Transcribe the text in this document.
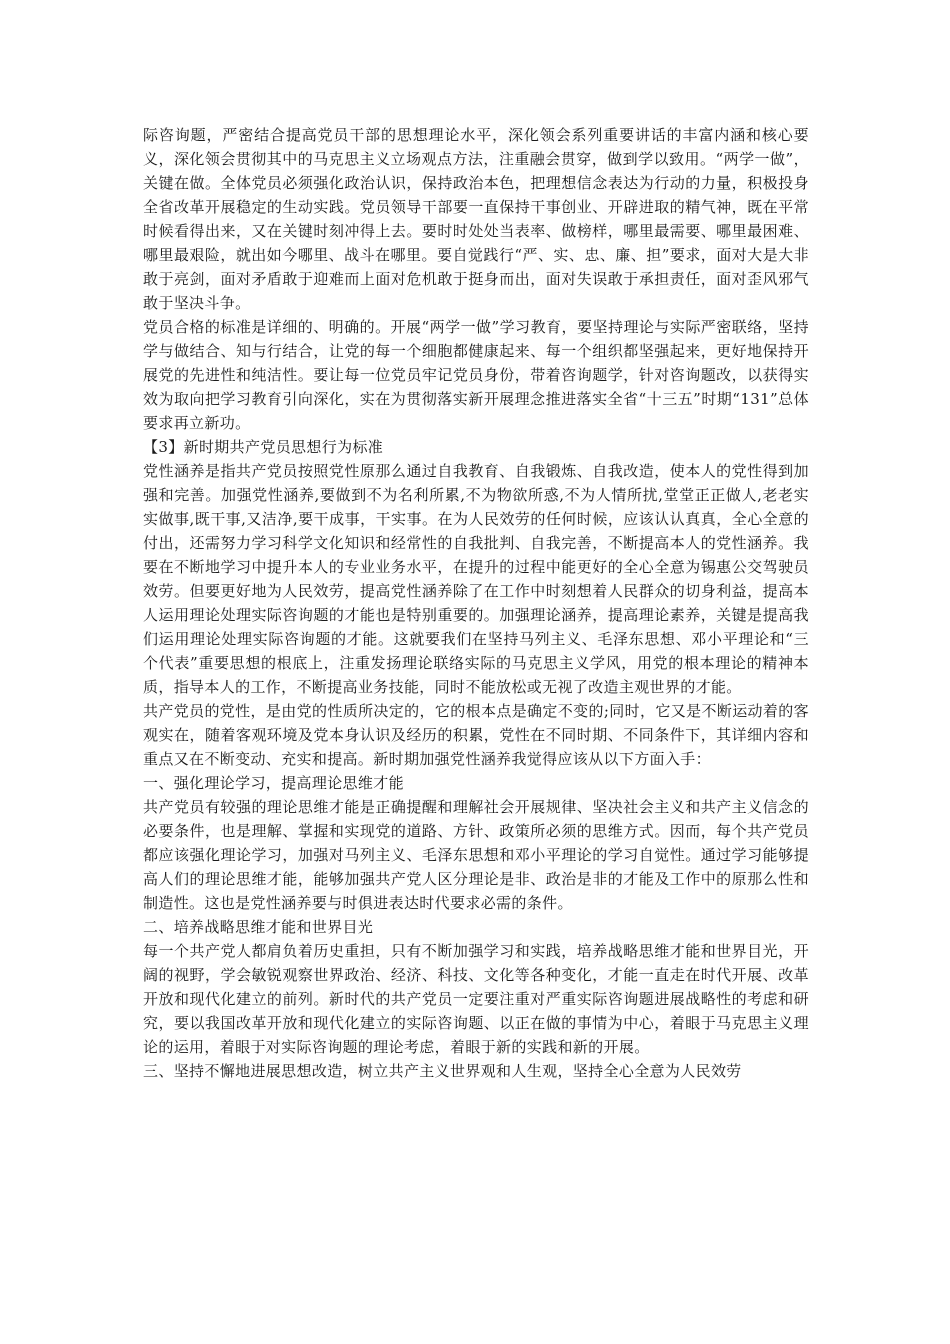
际咨询题，严密结合提高党员干部的思想理论水平，深化领会系列重要讲话的丰富内涵和核心要义，深化领会贯彻其中的马克思主义立场观点方法，注重融会贯穿，做到学以致用。“两学一做”，关键在做。全体党员必须强化政治认识，保持政治本色，把理想信念表达为行动的力量，积极投身全省改革开展稳定的生动实践。党员领导干部要一直保持干事创业、开辟进取的精气神，既在平常时候看得出来，又在关键时刻冲得上去。要时时处处当表率、做榜样，哪里最需要、哪里最困难、哪里最艰险，就出如今哪里、战斗在哪里。要自觉践行“严、实、忠、廉、担”要求，面对大是大非敢于亮剑，面对矛盾敢于迎难而上面对危机敢于挺身而出，面对失误敢于承担责任，面对歪风邪气敢于坚决斗争。

党员合格的标准是详细的、明确的。开展“两学一做”学习教育，要坚持理论与实际严密联络，坚持学与做结合、知与行结合，让党的每一个细胞都健康起来、每一个组织都坚强起来，更好地保持开展党的先进性和纯洁性。要让每一位党员牢记党员身份，带着咨询题学，针对咨询题改，以获得实效为取向把学习教育引向深化，实在为贯彻落实新开展理念推进落实全省“十三五”时期“131”总体要求再立新功。

【3】新时期共产党员思想行为标准

党性涵养是指共产党员按照党性原那么通过自我教育、自我锻炼、自我改造，使本人的党性得到加强和完善。加强党性涵养,要做到不为名利所累,不为物欲所惑,不为人情所扰,堂堂正正做人,老老实实做事,既干事,又洁净,要干成事，干实事。在为人民效劳的任何时候，应该认认真真，全心全意的付出，还需努力学习科学文化知识和经常性的自我批判、自我完善，不断提高本人的党性涵养。我要在不断地学习中提升本人的专业业务水平，在提升的过程中能更好的全心全意为锡惠公交驾驶员效劳。但要更好地为人民效劳，提高党性涵养除了在工作中时刻想着人民群众的切身利益，提高本人运用理论处理实际咨询题的才能也是特别重要的。加强理论涵养，提高理论素养，关键是提高我们运用理论处理实际咨询题的才能。这就要我们在坚持马列主义、毛泽东思想、邓小平理论和“三个代表”重要思想的根底上，注重发扬理论联络实际的马克思主义学风，用党的根本理论的精神本质，指导本人的工作，不断提高业务技能，同时不能放松或无视了改造主观世界的才能。

共产党员的党性，是由党的性质所决定的，它的根本点是确定不变的;同时，它又是不断运动着的客观实在，随着客观环境及党本身认识及经历的积累，党性在不同时期、不同条件下，其详细内容和重点又在不断变动、充实和提高。新时期加强党性涵养我觉得应该从以下方面入手：

一、强化理论学习，提高理论思维才能

共产党员有较强的理论思维才能是正确提醒和理解社会开展规律、坚决社会主义和共产主义信念的必要条件，也是理解、掌握和实现党的道路、方针、政策所必须的思维方式。因而，每个共产党员都应该强化理论学习，加强对马列主义、毛泽东思想和邓小平理论的学习自觉性。通过学习能够提高人们的理论思维才能，能够加强共产党人区分理论是非、政治是非的才能及工作中的原那么性和制造性。这也是党性涵养要与时俱进表达时代要求必需的条件。

二、培养战略思维才能和世界目光

每一个共产党人都肩负着历史重担，只有不断加强学习和实践，培养战略思维才能和世界目光，开阔的视野，学会敏锐观察世界政治、经济、科技、文化等各种变化，才能一直走在时代开展、改革开放和现代化建立的前列。新时代的共产党员一定要注重对严重实际咨询题进展战略性的考虑和研究，要以我国改革开放和现代化建立的实际咨询题、以正在做的事情为中心，着眼于马克思主义理论的运用，着眼于对实际咨询题的理论考虑，着眼于新的实践和新的开展。

三、坚持不懈地进展思想改造，树立共产主义世界观和人生观，坚持全心全意为人民效劳
